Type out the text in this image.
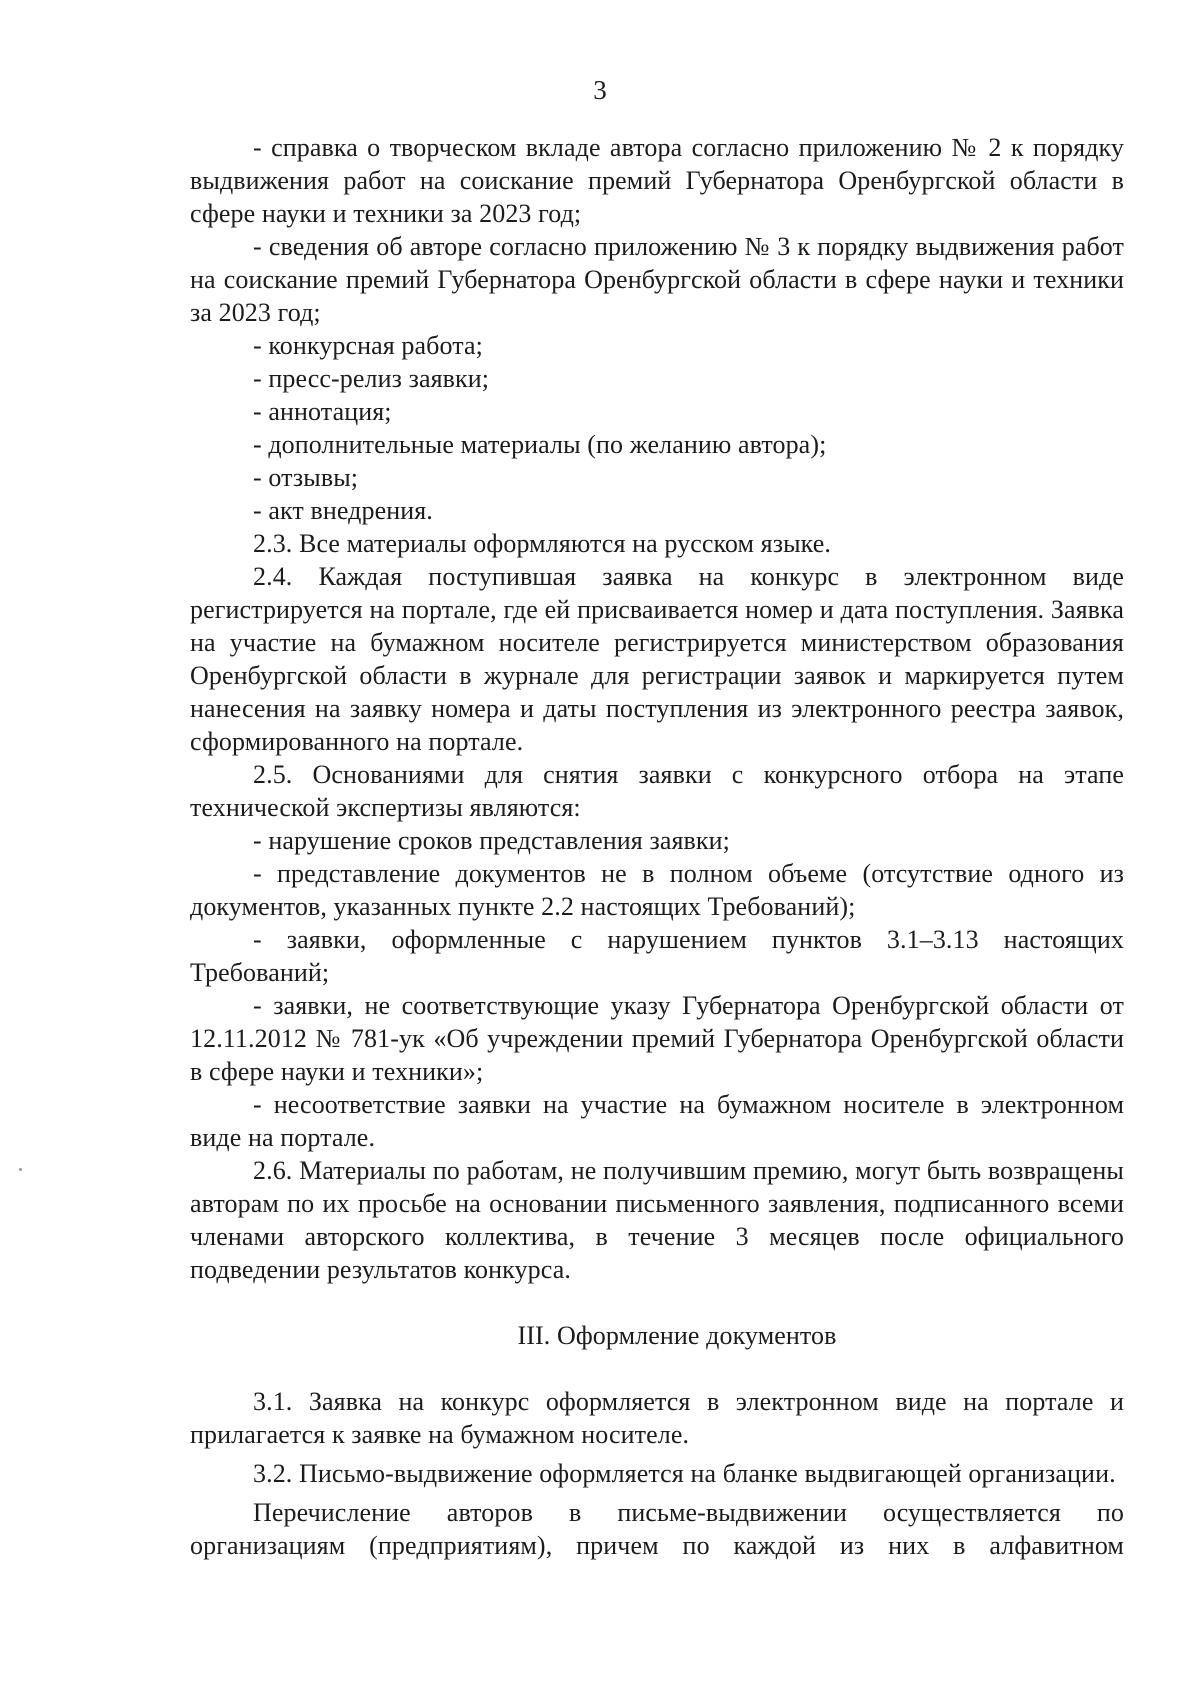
3

- справка о творческом вкладе автора согласно приложению № 2 к порядку выдвижения работ на соискание премий Губернатора Оренбургской области в сфере науки и техники за 2023 год;

- сведения об авторе согласно приложению № 3 к порядку выдвижения работ на соискание премий Губернатора Оренбургской области в сфере науки и техники за 2023 год;

- конкурсная работа;

- пресс-релиз заявки;

- аннотация;

- дополнительные материалы (по желанию автора);

- отзывы;

- акт внедрения.

2.3. Все материалы оформляются на русском языке.

2.4. Каждая поступившая заявка на конкурс в электронном виде регистрируется на портале, где ей присваивается номер и дата поступления. Заявка на участие на бумажном носителе регистрируется министерством образования Оренбургской области в журнале для регистрации заявок и маркируется путем нанесения на заявку номера и даты поступления из электронного реестра заявок, сформированного на портале.

2.5. Основаниями для снятия заявки с конкурсного отбора на этапе технической экспертизы являются:

- нарушение сроков представления заявки;

- представление документов не в полном объеме (отсутствие одного из документов, указанных пункте 2.2 настоящих Требований);

- заявки, оформленные с нарушением пунктов 3.1–3.13 настоящих Требований;

- заявки, не соответствующие указу Губернатора Оренбургской области от 12.11.2012 № 781-ук «Об учреждении премий Губернатора Оренбургской области в сфере науки и техники»;

- несоответствие заявки на участие на бумажном носителе в электронном виде на портале.

2.6. Материалы по работам, не получившим премию, могут быть возвращены авторам по их просьбе на основании письменного заявления, подписанного всеми членами авторского коллектива, в течение 3 месяцев после официального подведении результатов конкурса.

III. Оформление документов

3.1. Заявка на конкурс оформляется в электронном виде на портале и прилагается к заявке на бумажном носителе.

3.2. Письмо-выдвижение оформляется на бланке выдвигающей организации.

Перечисление авторов в письме-выдвижении осуществляется по организациям (предприятиям), причем по каждой из них в алфавитном
